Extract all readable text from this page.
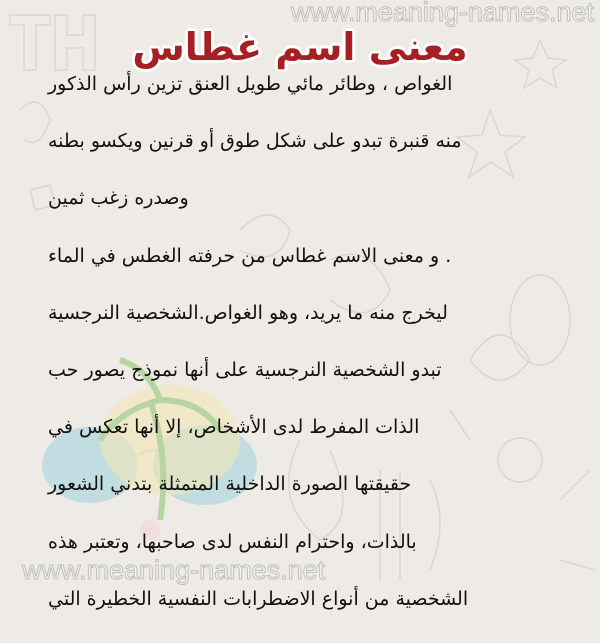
www.meaning-names.net
www.meaning-names.net
معنى اسم غطاس
الغواص ، وطائر مائي طويل العنق تزين رأس الذكور
منه قنبرة تبدو على شكل طوق أو قرنين ويكسو بطنه
وصدره زغب ثمين
. و معنى الاسم غطاس من حرفته الغطس في الماء
ليخرج منه ما يريد، وهو الغواص.الشخصية النرجسية
تبدو الشخصية النرجسية على أنها نموذج يصور حب
الذات المفرط لدى الأشخاص، إلا أنها تعكس في
حقيقتها الصورة الداخلية المتمثلة بتدني الشعور
بالذات، واحترام النفس لدى صاحبها، وتعتبر هذه
الشخصية من أنواع الاضطرابات النفسية الخطيرة التي
